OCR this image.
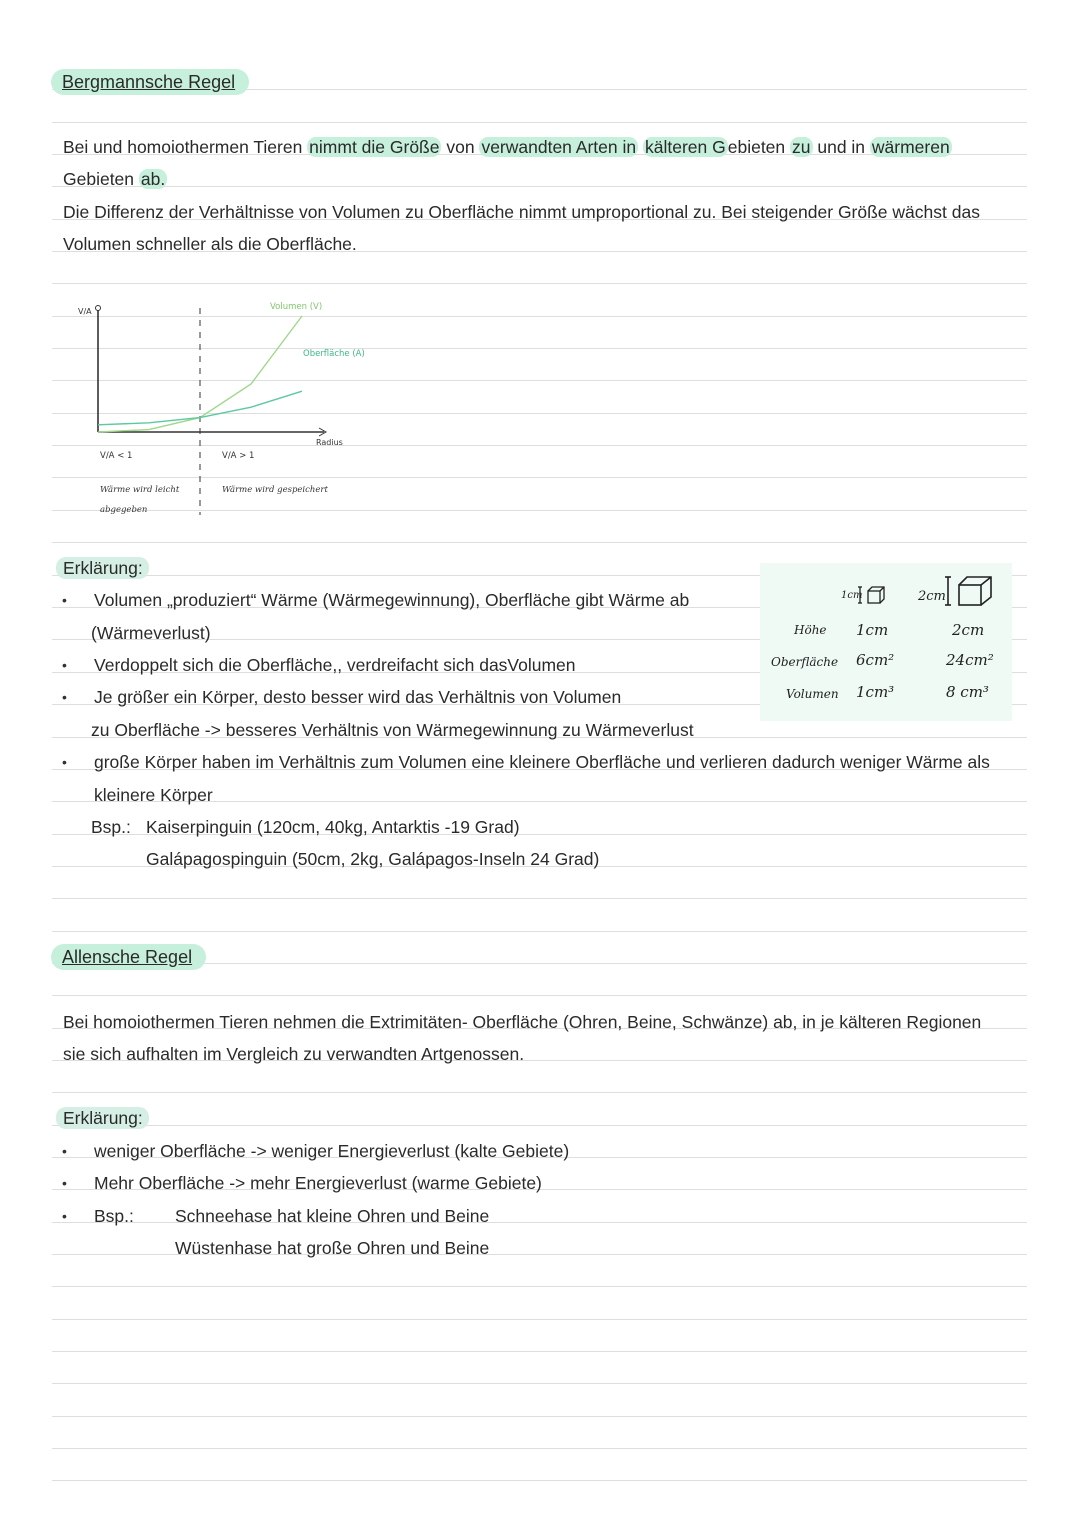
Bergmannsche Regel
Bei und homoiothermen Tieren nimmt die Größe von verwandten Arten in kälteren G ebieten zu und in wärmeren
Gebieten ab.
Die Differenz der Verhältnisse von Volumen zu Oberfläche nimmt umproportional zu. Bei steigender Größe wächst das
Volumen schneller als die Oberfläche.
V/A
Radius
Volumen (V)
Oberfläche (A)
V/A < 1	V/A > 1
Wärme wird leicht
abgegeben
Wärme wird gespeichert
Erklärung:
• Volumen „produziert“ Wärme (Wärmegewinnung), Oberfläche gibt Wärme ab
(Wärmeverlust)
• Verdoppelt sich die Oberfläche,, verdreifacht sich dasVolumen
• Je größer ein Körper, desto besser wird das Verhältnis von Volumen
zu Oberfläche -> besseres Verhältnis von Wärmegewinnung zu Wärmeverlust
• große Körper haben im Verhältnis zum Volumen eine kleinere Oberfläche und verlieren dadurch weniger Wärme als
kleinere Körper
Bsp.: Kaiserpinguin (120cm, 40kg, Antarktis -19 Grad)
Galápagospinguin (50cm, 2kg, Galápagos-Inseln 24 Grad)
1cm	2cm
Höhe 1cm	2cm
Oberfläche 6cm²	24cm²
Volumen 1cm³	8 cm³
Allensche Regel
Bei homoiothermen Tieren nehmen die Extrimitäten- Oberfläche (Ohren, Beine, Schwänze) ab, in je kälteren Regionen
sie sich aufhalten im Vergleich zu verwandten Artgenossen.
Erklärung:
• weniger Oberfläche -> weniger Energieverlust (kalte Gebiete)
• Mehr Oberfläche -> mehr Energieverlust (warme Gebiete)
• Bsp.: Schneehase hat kleine Ohren und Beine
Wüstenhase hat große Ohren und Beine
